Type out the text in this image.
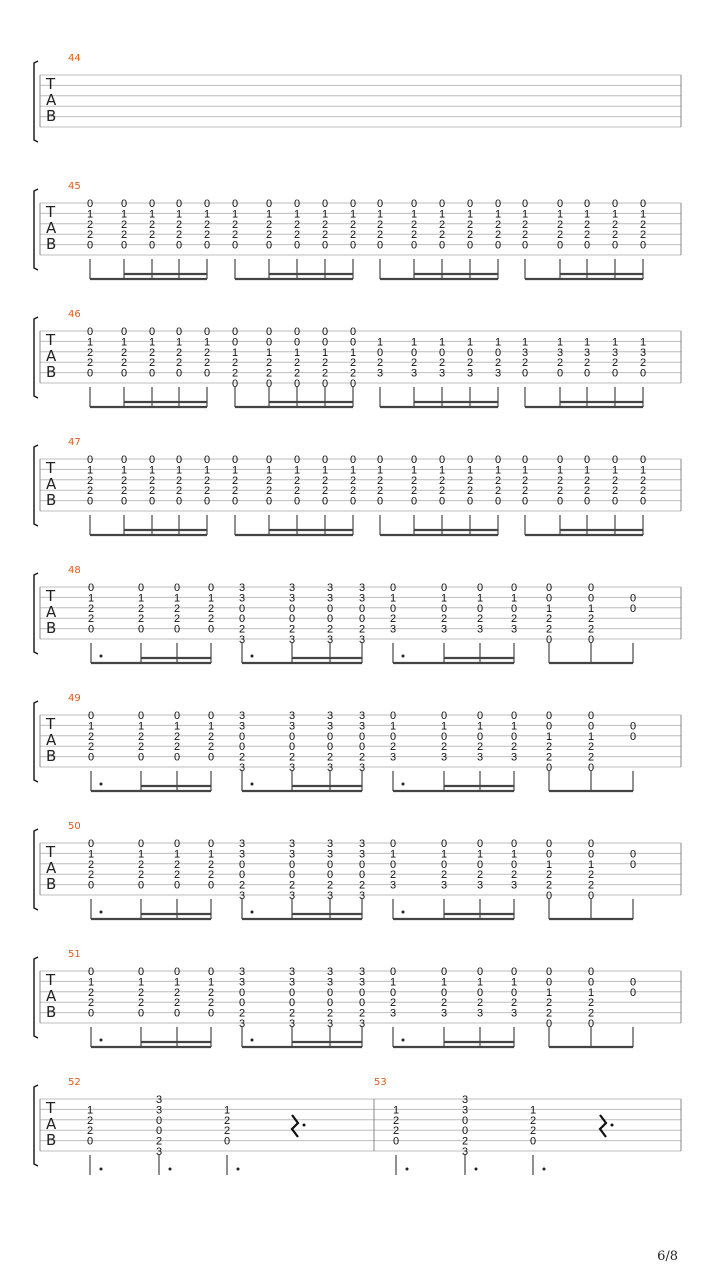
T
A
B
44
T
A
B
45
0
1
2
2
0
0
1
2
2
0
0
1
2
2
0
0
1
2
2
0
0
1
2
2
0
0
1
2
2
0
0
1
2
2
0
0
1
2
2
0
0
1
2
2
0
0
1
2
2
0
0
1
2
2
0
0
1
2
2
0
0
1
2
2
0
0
1
2
2
0
0
1
2
2
0
0
1
2
2
0
0
1
2
2
0
0
1
2
2
0
0
1
2
2
0
0
1
2
2
0
T
A
B
46
0
1
2
2
0
0
1
2
2
0
0
1
2
2
0
0
1
2
2
0
0
1
2
2
0
0
0
1
2
2
0
0
0
1
2
2
0
0
0
1
2
2
0
0
0
1
2
2
0
0
0
1
2
2
0
1
0
2
3
1
0
2
3
1
0
2
3
1
0
2
3
1
0
2
3
1
3
2
0
1
3
2
0
1
3
2
0
1
3
2
0
1
3
2
0
T
A
B
47
0
1
2
2
0
0
1
2
2
0
0
1
2
2
0
0
1
2
2
0
0
1
2
2
0
0
1
2
2
0
0
1
2
2
0
0
1
2
2
0
0
1
2
2
0
0
1
2
2
0
0
1
2
2
0
0
1
2
2
0
0
1
2
2
0
0
1
2
2
0
0
1
2
2
0
0
1
2
2
0
0
1
2
2
0
0
1
2
2
0
0
1
2
2
0
0
1
2
2
0
T
A
B
48
0
1
2
2
0
0
1
2
2
0
0
1
2
2
0
0
1
2
2
0
3
3
0
0
2
3
3
3
0
0
2
3
3
3
0
0
2
3
3
3
0
0
2
3
0
1
0
2
3
0
1
0
2
3
0
1
0
2
3
0
1
0
2
3
0
0
1
2
2
0
0
0
1
2
2
0
0
0
T
A
B
49
0
1
2
2
0
0
1
2
2
0
0
1
2
2
0
0
1
2
2
0
3
3
0
0
2
3
3
3
0
0
2
3
3
3
0
0
2
3
3
3
0
0
2
3
0
1
0
2
3
0
1
0
2
3
0
1
0
2
3
0
1
0
2
3
0
0
1
2
2
0
0
0
1
2
2
0
0
0
T
A
B
50
0
1
2
2
0
0
1
2
2
0
0
1
2
2
0
0
1
2
2
0
3
3
0
0
2
3
3
3
0
0
2
3
3
3
0
0
2
3
3
3
0
0
2
3
0
1
0
2
3
0
1
0
2
3
0
1
0
2
3
0
1
0
2
3
0
0
1
2
2
0
0
0
1
2
2
0
0
0
T
A
B
51
0
1
2
2
0
0
1
2
2
0
0
1
2
2
0
0
1
2
2
0
3
3
0
0
2
3
3
3
0
0
2
3
3
3
0
0
2
3
3
3
0
0
2
3
0
1
0
2
3
0
1
0
2
3
0
1
0
2
3
0
1
0
2
3
0
0
1
2
2
0
0
0
1
2
2
0
0
0
T
A
B
52	53
1
2
2
0
3
3
0
0
2
3
1
2
2
0
1
2
2
0
3
3
0
0
2
3
1
2
2
0
6/8
